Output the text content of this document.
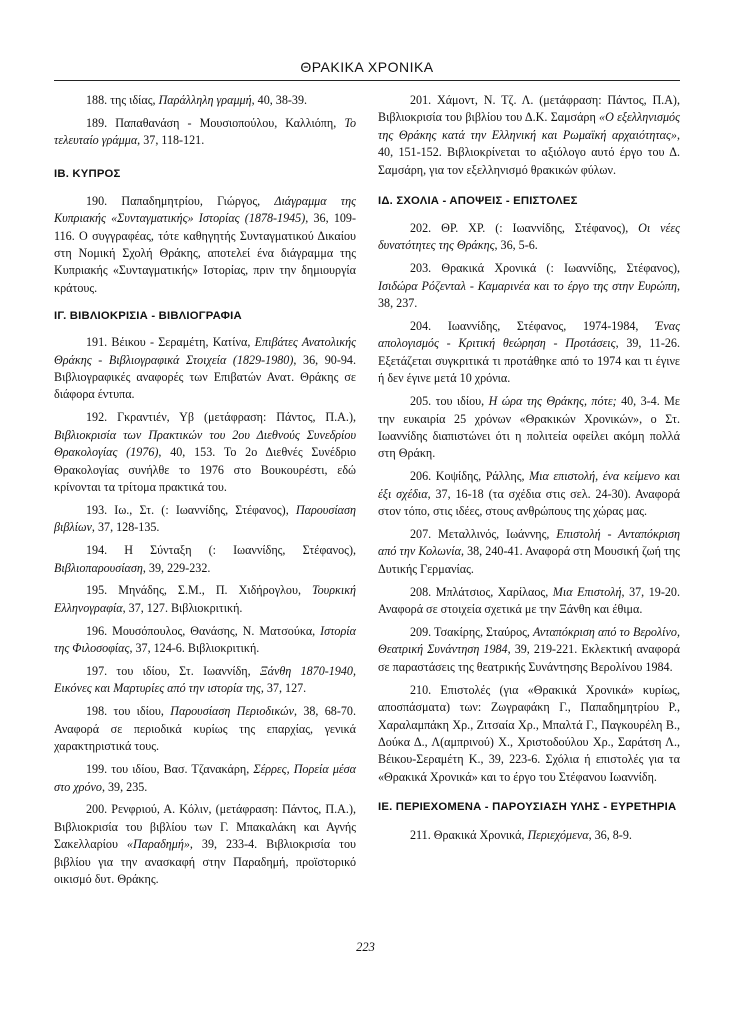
ΘΡΑΚΙΚΑ ΧΡΟΝΙΚΑ

188. της ιδίας, Παράλληλη γραμμή, 40, 38-39.

189. Παπαθανάση - Μουσιοπούλου, Καλλιόπη, Το τελευταίο γράμμα, 37, 118-121.

ΙΒ. ΚΥΠΡΟΣ

190. Παπαδημητρίου, Γιώργος, Διάγραμμα της Κυπριακής «Συνταγματικής» Ιστορίας (1878-1945), 36, 109-116. Ο συγγραφέας, τότε καθηγητής Συνταγματικού Δικαίου στη Νομική Σχολή Θράκης, αποτελεί ένα διάγραμμα της Κυπριακής «Συνταγματικής» Ιστορίας, πριν την δημιουργία κράτους.

ΙΓ. ΒΙΒΛΙΟΚΡΙΣΙΑ - ΒΙΒΛΙΟΓΡΑΦΙΑ

191. Βέικου - Σεραμέτη, Κατίνα, Επιβάτες Ανατολικής Θράκης - Βιβλιογραφικά Στοιχεία (1829-1980), 36, 90-94. Βιβλιογραφικές αναφορές των Επιβατών Ανατ. Θράκης σε διάφορα έντυπα.

192. Γκραντιέν, Υβ (μετάφραση: Πάντος, Π.Α.), Βιβλιοκρισία των Πρακτικών του 2ου Διεθνούς Συνεδρίου Θρακολογίας (1976), 40, 153. Το 2ο Διεθνές Συνέδριο Θρακολογίας συνήλθε το 1976 στο Βουκουρέστι, εδώ κρίνονται τα τρίτομα πρακτικά του.

193. Ιω., Στ. (: Ιωαννίδης, Στέφανος), Παρουσίαση βιβλίων, 37, 128-135.

194. Η Σύνταξη (: Ιωαννίδης, Στέφανος), Βιβλιοπαρουσίαση, 39, 229-232.

195. Μηνάδης, Σ.Μ., Π. Χιδήρογλου, Τουρκική Ελληνογραφία, 37, 127. Βιβλιοκριτική.

196. Μουσόπουλος, Θανάσης, Ν. Ματσούκα, Ιστορία της Φιλοσοφίας, 37, 124-6. Βιβλιοκριτική.

197. του ιδίου, Στ. Ιωαννίδη, Ξάνθη 1870-1940, Εικόνες και Μαρτυρίες από την ιστορία της, 37, 127.

198. του ιδίου, Παρουσίαση Περιοδικών, 38, 68-70. Αναφορά σε περιοδικά κυρίως της επαρχίας, γενικά χαρακτηριστικά τους.

199. του ιδίου, Βασ. Τζανακάρη, Σέρρες, Πορεία μέσα στο χρόνο, 39, 235.

200. Ρενφριού, Α. Κόλιν, (μετάφραση: Πάντος, Π.Α.), Βιβλιοκρισία του βιβλίου των Γ. Μπακαλάκη και Αγνής Σακελλαρίου «Παραδημή», 39, 233-4. Βιβλιοκρισία του βιβλίου για την ανασκαφή στην Παραδημή, προϊστορικό οικισμό δυτ. Θράκης.

201. Χάμοντ, Ν. Τζ. Λ. (μετάφραση: Πάντος, Π.Α), Βιβλιοκρισία του βιβλίου του Δ.Κ. Σαμσάρη «Ο εξελληνισμός της Θράκης κατά την Ελληνική και Ρωμαϊκή αρχαιότητας», 40, 151-152. Βιβλιοκρίνεται το αξιόλογο αυτό έργο του Δ. Σαμσάρη, για τον εξελληνισμό θρακικών φύλων.

ΙΔ. ΣΧΟΛΙΑ - ΑΠΟΨΕΙΣ - ΕΠΙΣΤΟΛΕΣ

202. ΘΡ. ΧΡ. (: Ιωαννίδης, Στέφανος), Οι νέες δυνατότητες της Θράκης, 36, 5-6.

203. Θρακικά Χρονικά (: Ιωαννίδης, Στέφανος), Ισιδώρα Ρόζενταλ - Καμαρινέα και το έργο της στην Ευρώπη, 38, 237.

204. Ιωαννίδης, Στέφανος, 1974-1984, Ένας απολογισμός - Κριτική θεώρηση - Προτάσεις, 39, 11-26. Εξετάζεται συγκριτικά τι προτάθηκε από το 1974 και τι έγινε ή δεν έγινε μετά 10 χρόνια.

205. του ιδίου, Η ώρα της Θράκης, πότε; 40, 3-4. Με την ευκαιρία 25 χρόνων «Θρακικών Χρονικών», ο Στ. Ιωαννίδης διαπιστώνει ότι η πολιτεία οφείλει ακόμη πολλά στη Θράκη.

206. Κοψίδης, Ράλλης, Μια επιστολή, ένα κείμενο και έξι σχέδια, 37, 16-18 (τα σχέδια στις σελ. 24-30). Αναφορά στον τόπο, στις ιδέες, στους ανθρώπους της χώρας μας.

207. Μεταλλινός, Ιωάννης, Επιστολή - Ανταπόκριση από την Κολωνία, 38, 240-41. Αναφορά στη Μουσική ζωή της Δυτικής Γερμανίας.

208. Μπλάτσιος, Χαρίλαος, Μια Επιστολή, 37, 19-20. Αναφορά σε στοιχεία σχετικά με την Ξάνθη και έθιμα.

209. Τσακίρης, Σταύρος, Ανταπόκριση από το Βερολίνο, Θεατρική Συνάντηση 1984, 39, 219-221. Εκλεκτική αναφορά σε παραστάσεις της θεατρικής Συνάντησης Βερολίνου 1984.

210. Επιστολές (για «Θρακικά Χρονικά» κυρίως, αποσπάσματα) των: Ζωγραφάκη Γ., Παπαδημητρίου Ρ., Χαραλαμπάκη Χρ., Ζιτσαία Χρ., Μπαλτά Γ., Παγκουρέλη Β., Δούκα Δ., Λ(αμπρινού) Χ., Χριστοδούλου Χρ., Σαράτση Λ., Βέικου-Σεραμέτη Κ., 39, 223-6. Σχόλια ή επιστολές για τα «Θρακικά Χρονικά» και το έργο του Στέφανου Ιωαννίδη.

ΙΕ. ΠΕΡΙΕΧΟΜΕΝΑ - ΠΑΡΟΥΣΙΑΣΗ ΥΛΗΣ - ΕΥΡΕΤΗΡΙΑ

211. Θρακικά Χρονικά, Περιεχόμενα, 36, 8-9.

223
